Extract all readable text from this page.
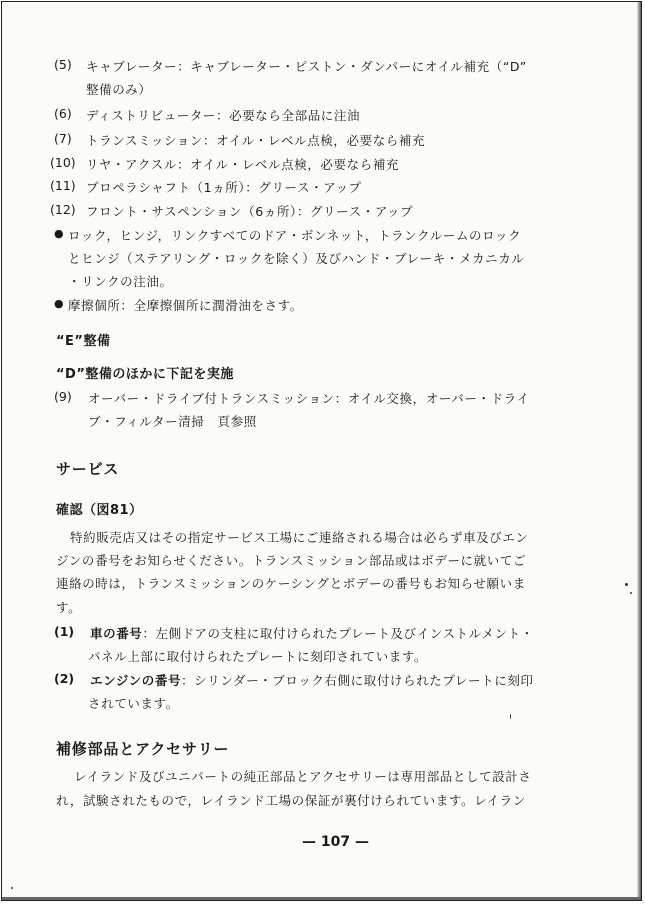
(5) キャブレーター：キャブレーター・ピストン・ダンパーにオイル補充（“D”
整備のみ）
(6) ディストリビューター：必要なら全部品に注油
(7) トランスミッション：オイル・レベル点検，必要なら補充
(10) リヤ・アクスル：オイル・レベル点検，必要なら補充
(11) プロペラシャフト（1ヵ所）：グリース・アップ
(12) フロント・サスペンション（6ヵ所）：グリース・アップ
● ロック，ヒンジ，リンクすべてのドア・ボンネット，トランクルームのロック
とヒンジ（ステアリング・ロックを除く）及びハンド・ブレーキ・メカニカル
・リンクの注油。
● 摩擦個所：全摩擦個所に潤滑油をさす。
“E”整備
“D”整備のほかに下記を実施
(9) オーバー・ドライブ付トランスミッション：オイル交換，オーバー・ドライ
ブ・フィルター清掃　頁参照
サービス
確認（図81）
特約販売店又はその指定サービス工場にご連絡される場合は必らず車及びエン
ジンの番号をお知らせください。トランスミッション部品或はボデーに就いてご
連絡の時は，トランスミッションのケーシングとボデーの番号もお知らせ願いま
す。
(1) 車の番号：左側ドアの支柱に取付けられたプレート及びインストルメント・
パネル上部に取付けられたプレートに刻印されています。
(2) エンジンの番号：シリンダー・ブロック右側に取付けられたプレートに刻印
されています。
補修部品とアクセサリー
レイランド及びユニパートの純正部品とアクセサリーは専用部品として設計さ
れ，試験されたもので，レイランド工場の保証が裏付けられています。レイラン
— 107 —
